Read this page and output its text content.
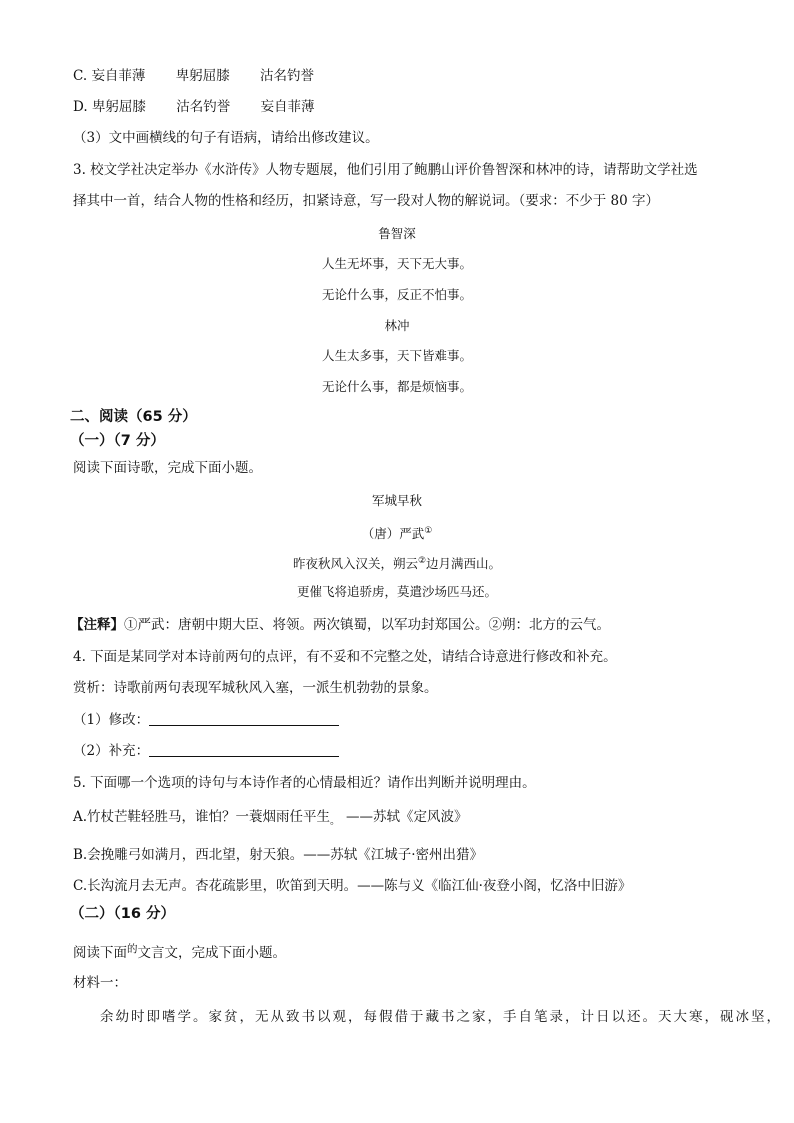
C. 妄自菲薄 卑躬屈膝 沽名钓誉
D. 卑躬屈膝 沽名钓誉 妄自菲薄
（3）文中画横线的句子有语病，请给出修改建议。
3. 校文学社决定举办《水浒传》人物专题展，他们引用了鲍鹏山评价鲁智深和林冲的诗，请帮助文学社选
择其中一首，结合人物的性格和经历，扣紧诗意，写一段对人物的解说词。（要求：不少于 80 字）
鲁智深
人生无坏事，天下无大事。
无论什么事，反正不怕事。
林冲
人生太多事，天下皆难事。
无论什么事，都是烦恼事。
二、阅读（65 分）
（一）（7 分）
阅读下面诗歌，完成下面小题。
军城早秋
（唐）严武①
昨夜秋风入汉关，朔云②边月满西山。
更催飞将追骄虏，莫遣沙场匹马还。
【注释】①严武：唐朝中期大臣、将领。两次镇蜀，以军功封郑国公。②朔：北方的云气。
4. 下面是某同学对本诗前两句的点评，有不妥和不完整之处，请结合诗意进行修改和补充。
赏析：诗歌前两句表现军城秋风入塞，一派生机勃勃的景象。
（1）修改：
（2）补充：
5. 下面哪一个选项的诗句与本诗作者的心情最相近？请作出判断并说明理由。
A.竹杖芒鞋轻胜马，谁怕？一蓑烟雨任平生$_。$ ——苏轼《定风波》
B.会挽雕弓如满月，西北望，射天狼。——苏轼《江城子·密州出猎》
C.长沟流月去无声。杏花疏影里，吹笛到天明。——陈与义《临江仙·夜登小阁，忆洛中旧游》
（二）（16 分）
阅读下面$^的$文言文，完成下面小题。
材料一：
余幼时即嗜学。家贫，无从致书以观，每假借于藏书之家，手自笔录，计日以还。天大寒，砚冰坚，
